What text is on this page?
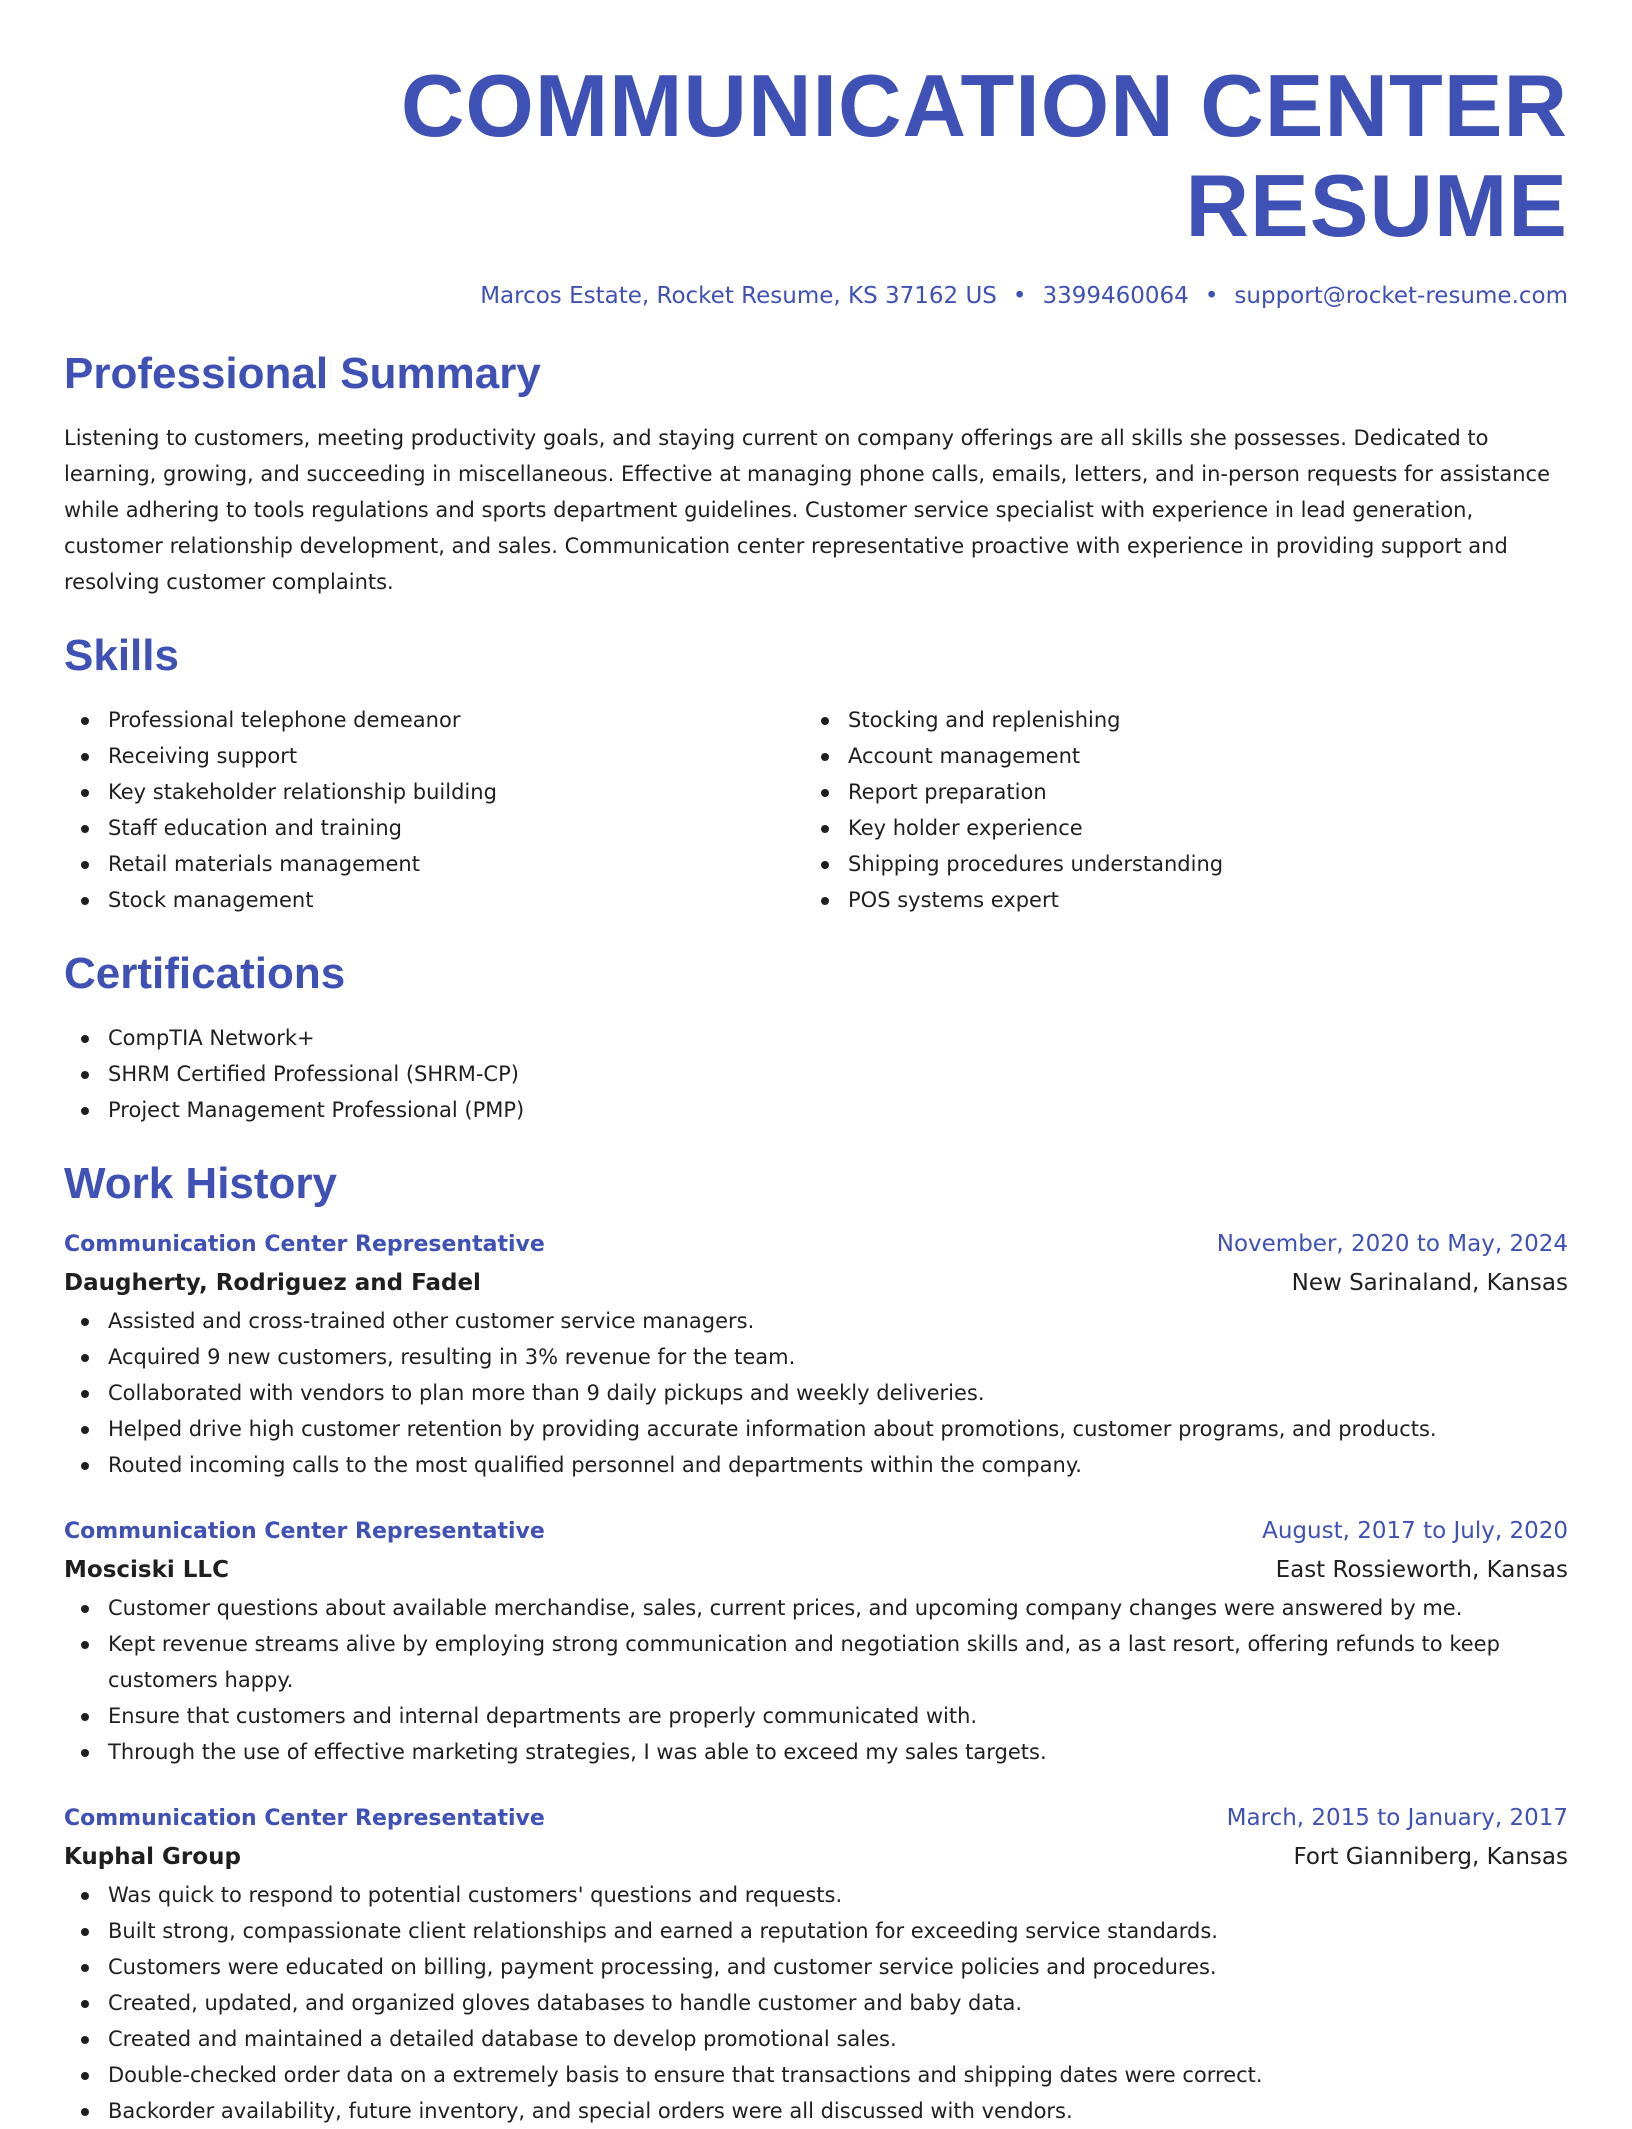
COMMUNICATION CENTER RESUME
Marcos Estate, Rocket Resume, KS 37162 US • 3399460064 • support@rocket-resume.com
Professional Summary

Listening to customers, meeting productivity goals, and staying current on company offerings are all skills she possesses. Dedicated to learning, growing, and succeeding in miscellaneous. Effective at managing phone calls, emails, letters, and in-person requests for assistance while adhering to tools regulations and sports department guidelines. Customer service specialist with experience in lead generation, customer relationship development, and sales. Communication center representative proactive with experience in providing support and resolving customer complaints.

Skills
Professional telephone demeanor
Receiving support
Key stakeholder relationship building
Staff education and training
Retail materials management
Stock management
Stocking and replenishing
Account management
Report preparation
Key holder experience
Shipping procedures understanding
POS systems expert
Certifications
CompTIA Network+
SHRM Certified Professional (SHRM-CP)
Project Management Professional (PMP)
Work History
Communication Center Representative	November, 2020 to May, 2024
Daugherty, Rodriguez and Fadel	New Sarinaland, Kansas
Assisted and cross-trained other customer service managers.
Acquired 9 new customers, resulting in 3% revenue for the team.
Collaborated with vendors to plan more than 9 daily pickups and weekly deliveries.
Helped drive high customer retention by providing accurate information about promotions, customer programs, and products.
Routed incoming calls to the most qualified personnel and departments within the company.
Communication Center Representative	August, 2017 to July, 2020
Mosciski LLC	East Rossieworth, Kansas
Customer questions about available merchandise, sales, current prices, and upcoming company changes were answered by me.
Kept revenue streams alive by employing strong communication and negotiation skills and, as a last resort, offering refunds to keep customers happy.
Ensure that customers and internal departments are properly communicated with.
Through the use of effective marketing strategies, I was able to exceed my sales targets.
Communication Center Representative	March, 2015 to January, 2017
Kuphal Group	Fort Gianniberg, Kansas
Was quick to respond to potential customers' questions and requests.
Built strong, compassionate client relationships and earned a reputation for exceeding service standards.
Customers were educated on billing, payment processing, and customer service policies and procedures.
Created, updated, and organized gloves databases to handle customer and baby data.
Created and maintained a detailed database to develop promotional sales.
Double-checked order data on a extremely basis to ensure that transactions and shipping dates were correct.
Backorder availability, future inventory, and special orders were all discussed with vendors.
